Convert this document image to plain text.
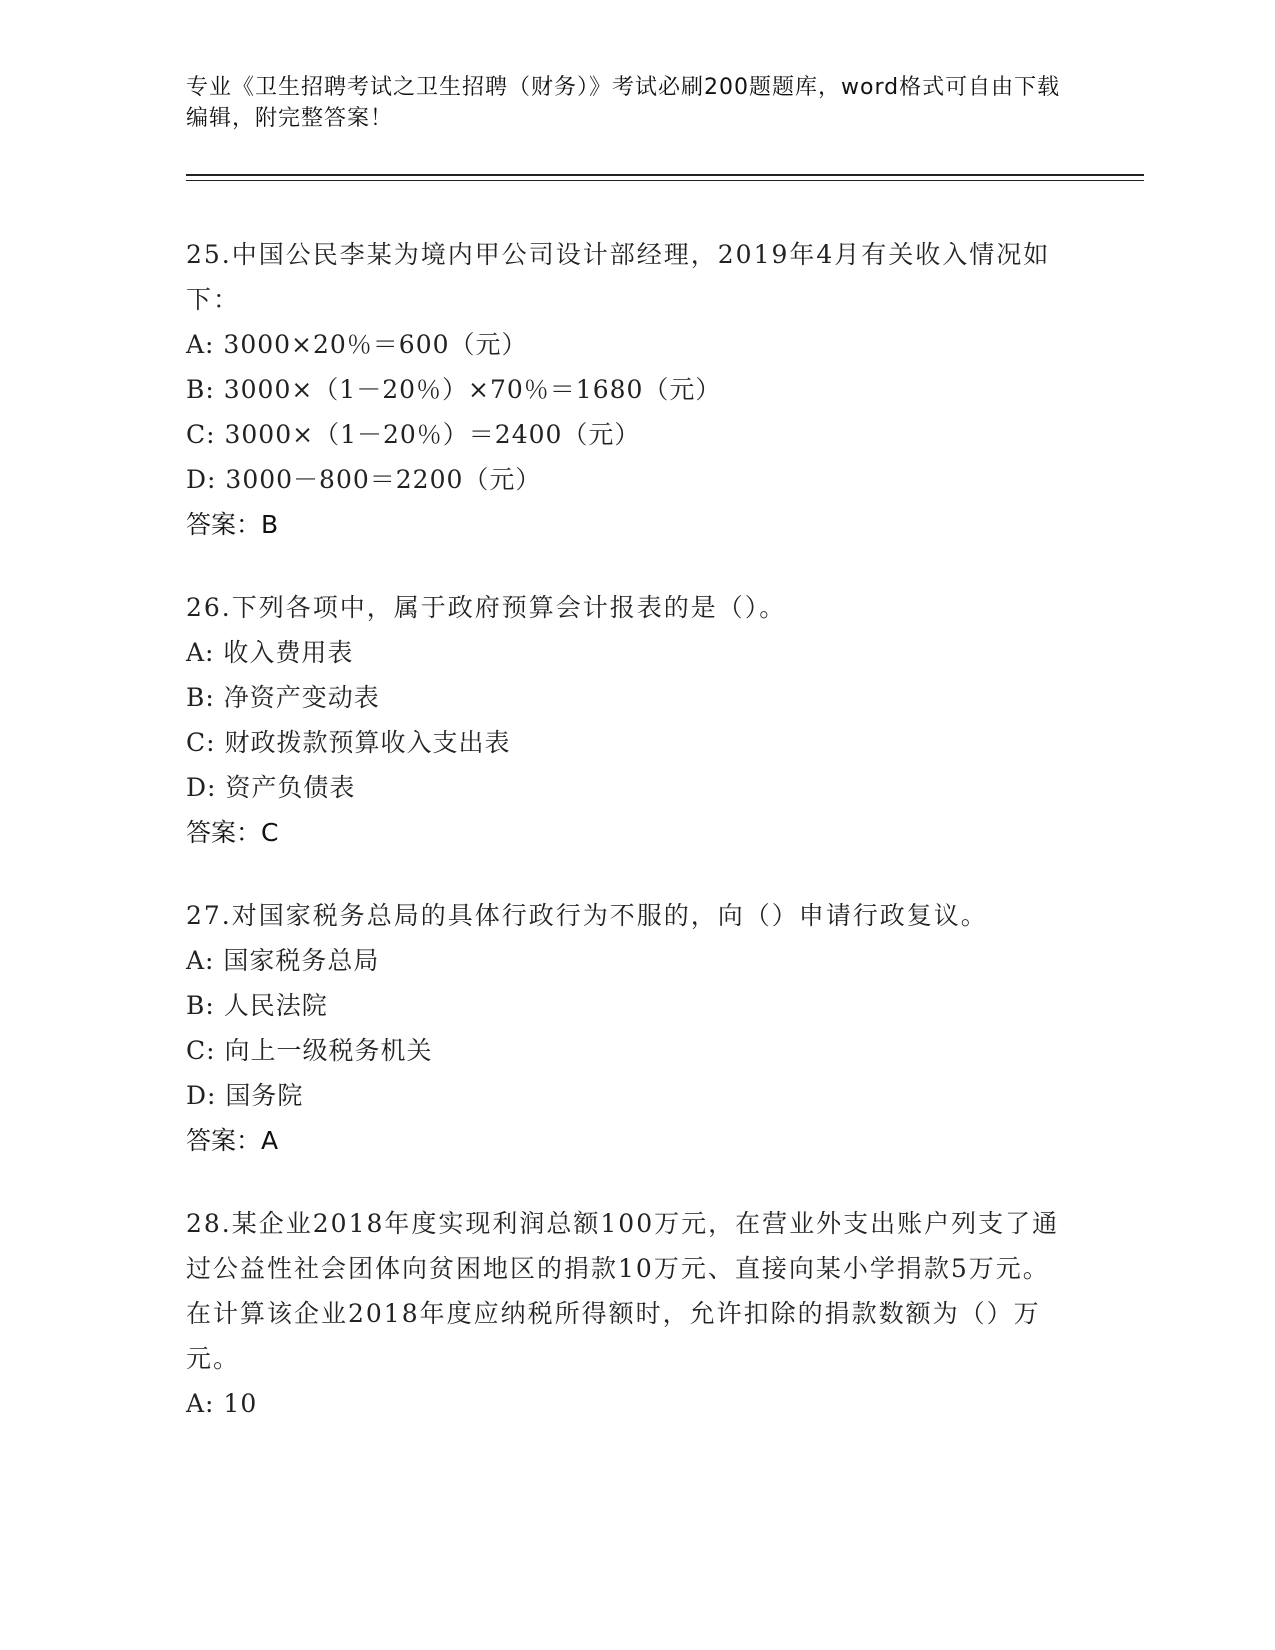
专业《卫生招聘考试之卫生招聘（财务）》考试必刷200题题库，word格式可自由下载编辑，附完整答案！
25.中国公民李某为境内甲公司设计部经理，2019年4月有关收入情况如下：
A: 3000×20％＝600（元）
B: 3000×（1－20％）×70％＝1680（元）
C: 3000×（1－20％）＝2400（元）
D: 3000－800＝2200（元）
答案：B
26.下列各项中，属于政府预算会计报表的是（）。
A: 收入费用表
B: 净资产变动表
C: 财政拨款预算收入支出表
D: 资产负债表
答案：C
27.对国家税务总局的具体行政行为不服的，向（）申请行政复议。
A: 国家税务总局
B: 人民法院
C: 向上一级税务机关
D: 国务院
答案：A
28.某企业2018年度实现利润总额100万元，在营业外支出账户列支了通过公益性社会团体向贫困地区的捐款10万元、直接向某小学捐款5万元。在计算该企业2018年度应纳税所得额时，允许扣除的捐款数额为（）万元。
A: 10
